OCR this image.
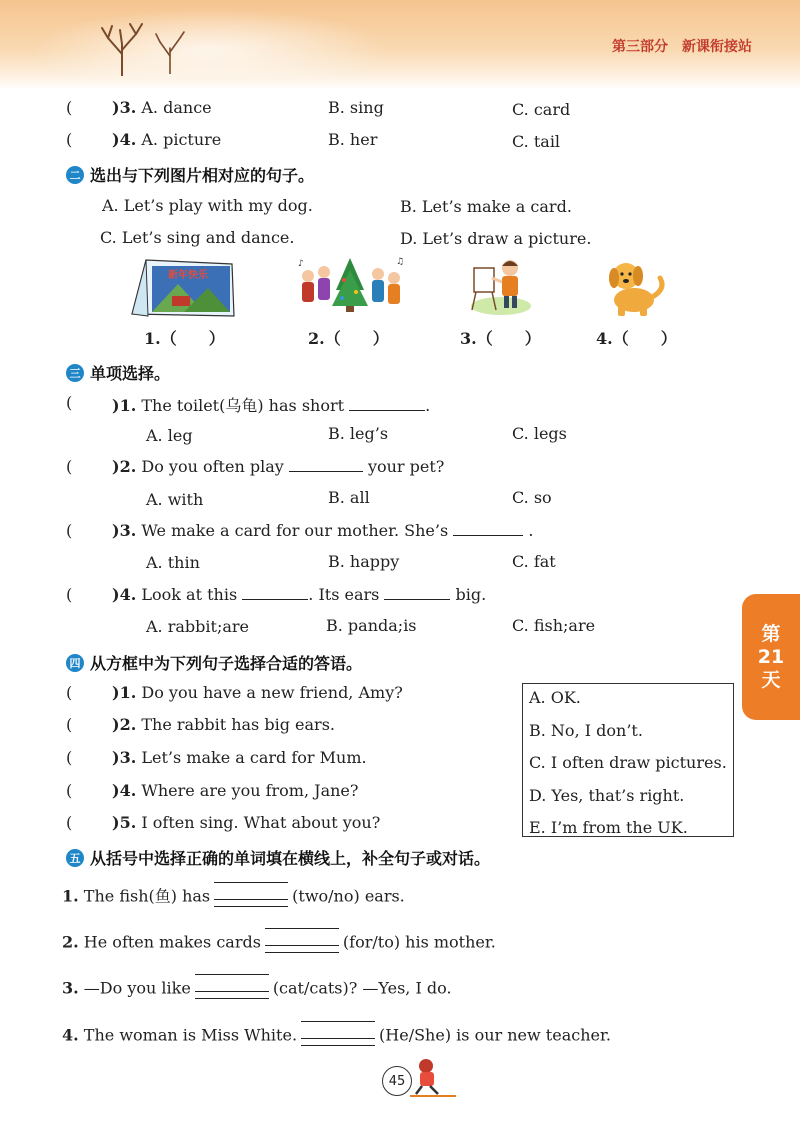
第三部分　新课衔接站
第
21
天
( )3. A. dance	B. sing	C. card
( )4. A. picture	B. her	C. tail
二 选出与下列图片相对应的句子。
A. Let’s play with my dog.	B. Let’s make a card.
C. Let’s sing and dance.	D. Let’s draw a picture.
新年快乐
♪	♫
1.（　　）	2.（　　）	3.（　　）	4.（　　）
三 单项选择。
( )1. The toilet(乌龟) has short	.
A. leg	B. leg’s	C. legs
( )2. Do you often play	your pet?
A. with	B. all	C. so
( )3. We make a card for our mother. She’s	.
A. thin	B. happy	C. fat
( )4. Look at this	. Its ears	big.
A. rabbit;are	B. panda;is	C. fish;are
四 从方框中为下列句子选择合适的答语。
( )1. Do you have a new friend, Amy?
( )2. The rabbit has big ears.
( )3. Let’s make a card for Mum.
( )4. Where are you from, Jane?
( )5. I often sing. What about you?
A. OK.
B. No, I don’t.
C. I often draw pictures.
D. Yes, that’s right.
E. I’m from the UK.
五 从括号中选择正确的单词填在横线上，补全句子或对话。
1. The fish(鱼) has	(two/no) ears.
2. He often makes cards	(for/to) his mother.
3. —Do you like	(cat/cats)? —Yes, I do.
4. The woman is Miss White.	(He/She) is our new teacher.
45
